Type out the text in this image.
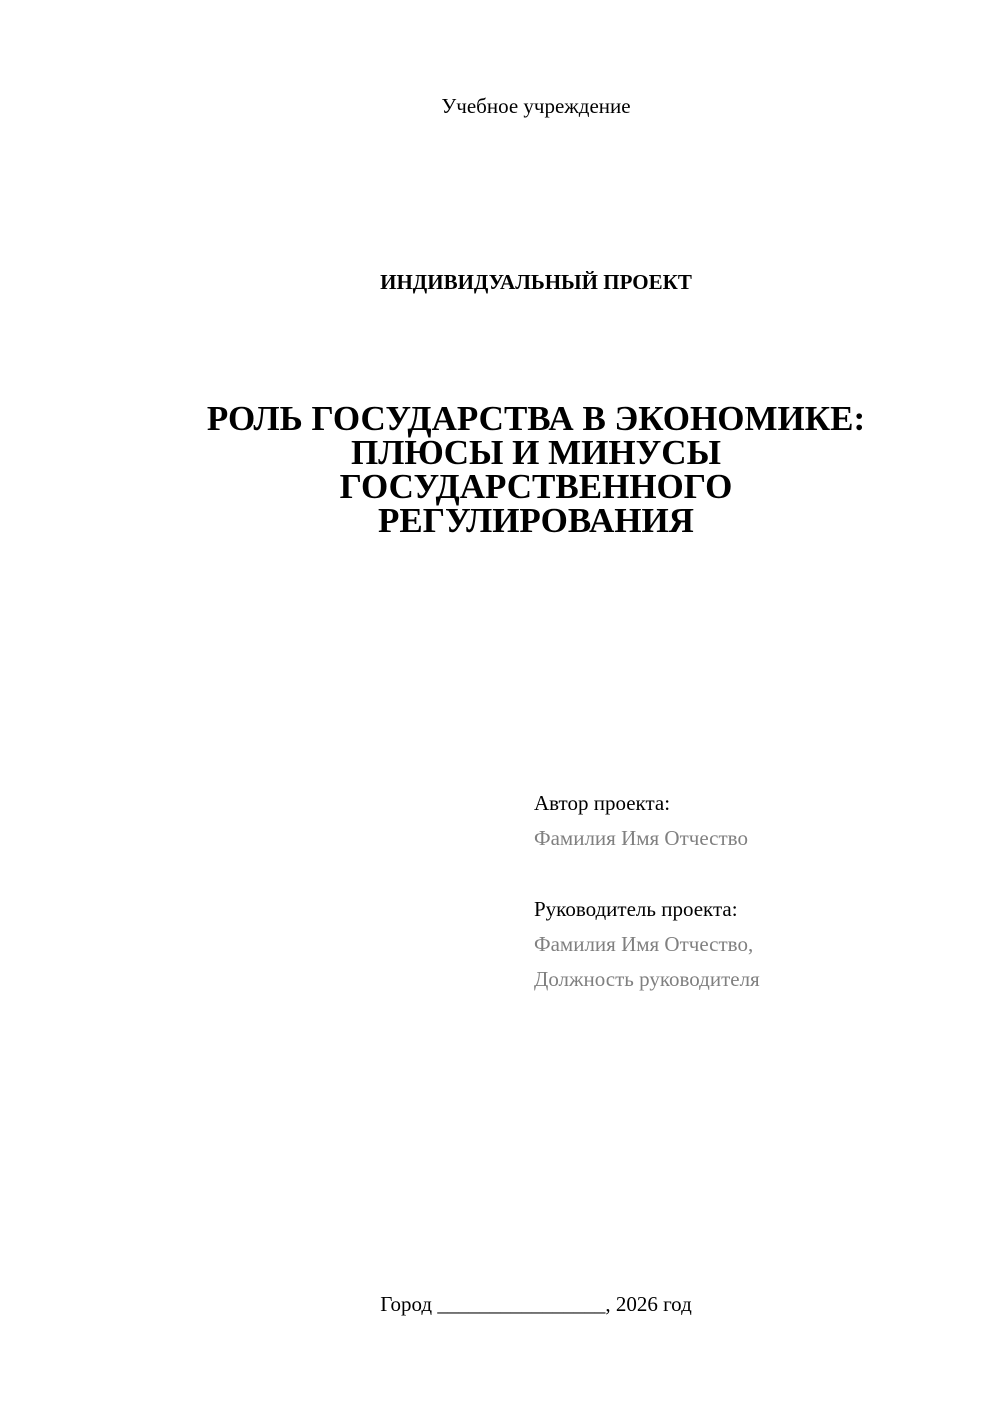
Учебное учреждение
ИНДИВИДУАЛЬНЫЙ ПРОЕКТ
РОЛЬ ГОСУДАРСТВА В ЭКОНОМИКЕ:
ПЛЮСЫ И МИНУСЫ
ГОСУДАРСТВЕННОГО
РЕГУЛИРОВАНИЯ
Автор проекта:
Фамилия Имя Отчество
Руководитель проекта:
Фамилия Имя Отчество,
Должность руководителя
Город ________________, 2026 год
